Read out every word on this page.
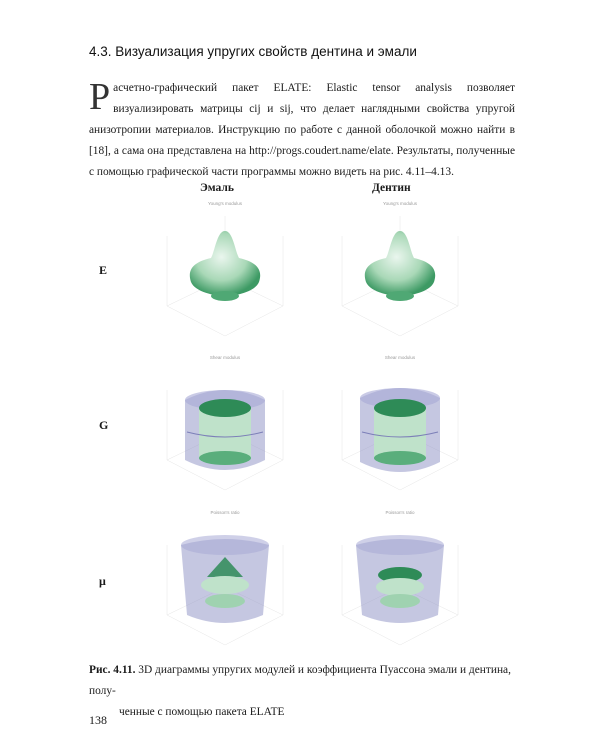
4.3. Визуализация упругих свойств дентина и эмали
Расчетно-графический пакет ELATE: Elastic tensor analysis позволяет визуализировать матрицы cij и sij, что делает наглядными свойства упругой анизотропии материалов. Инструкцию по работе с данной оболочкой можно найти в [18], а сама она представлена на http://progs.coudert.name/elate. Результаты, полученные с помощью графической части программы можно видеть на рис. 4.11–4.13.
Эмаль	Дентин
E
G
μ
Young's modulus	Young's modulus
Shear modulus	Shear modulus
Poisson's ratio	Poisson's ratio
Рис. 4.11. 3D диаграммы упругих модулей и коэффициента Пуассона эмали и дентина, полу-
ченные с помощью пакета ELATE
138
